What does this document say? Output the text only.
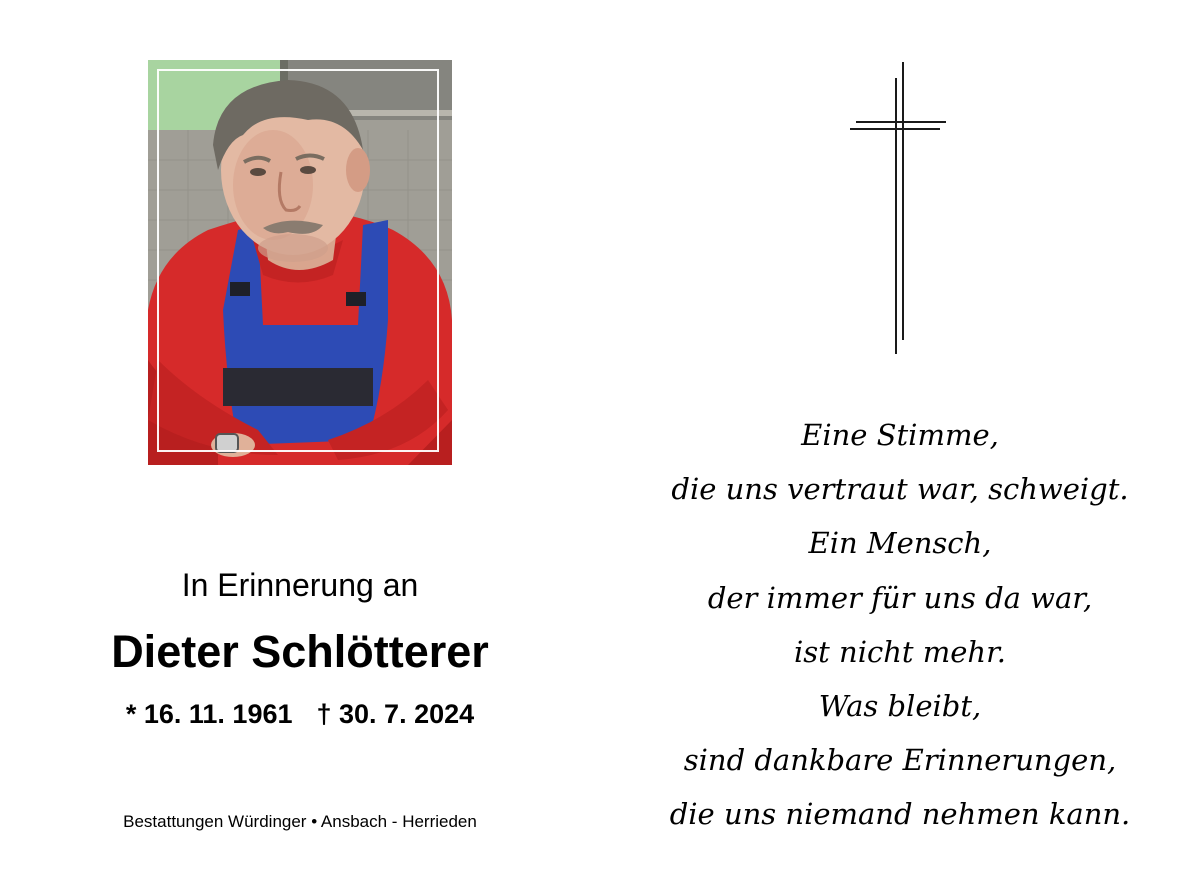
In Erinnerung an
Dieter Schlötterer
* 16. 11. 1961 † 30. 7. 2024
Bestattungen Würdinger • Ansbach - Herrieden
Eine Stimme,
die uns vertraut war, schweigt.
Ein Mensch,
der immer für uns da war,
ist nicht mehr.
Was bleibt,
sind dankbare Erinnerungen,
die uns niemand nehmen kann.
